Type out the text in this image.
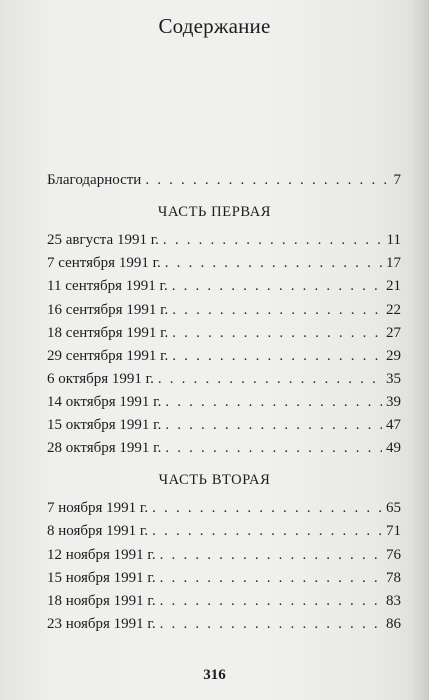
Содержание
Благодарности . . .	7
ЧАСТЬ ПЕРВАЯ
25 августа 1991 г. . . .	11
7 сентября 1991 г. . . .	17
11 сентября 1991 г. . . .	21
16 сентября 1991 г. . . .	22
18 сентября 1991 г. . . .	27
29 сентября 1991 г. . . .	29
6 октября 1991 г. . . .	35
14 октября 1991 г. . . .	39
15 октября 1991 г. . . .	47
28 октября 1991 г. . . .	49
ЧАСТЬ ВТОРАЯ
7 ноября 1991 г. . . .	65
8 ноября 1991 г. . . .	71
12 ноября 1991 г. . . .	76
15 ноября 1991 г. . . .	78
18 ноября 1991 г. . . .	83
23 ноября 1991 г. . . .	86
316
